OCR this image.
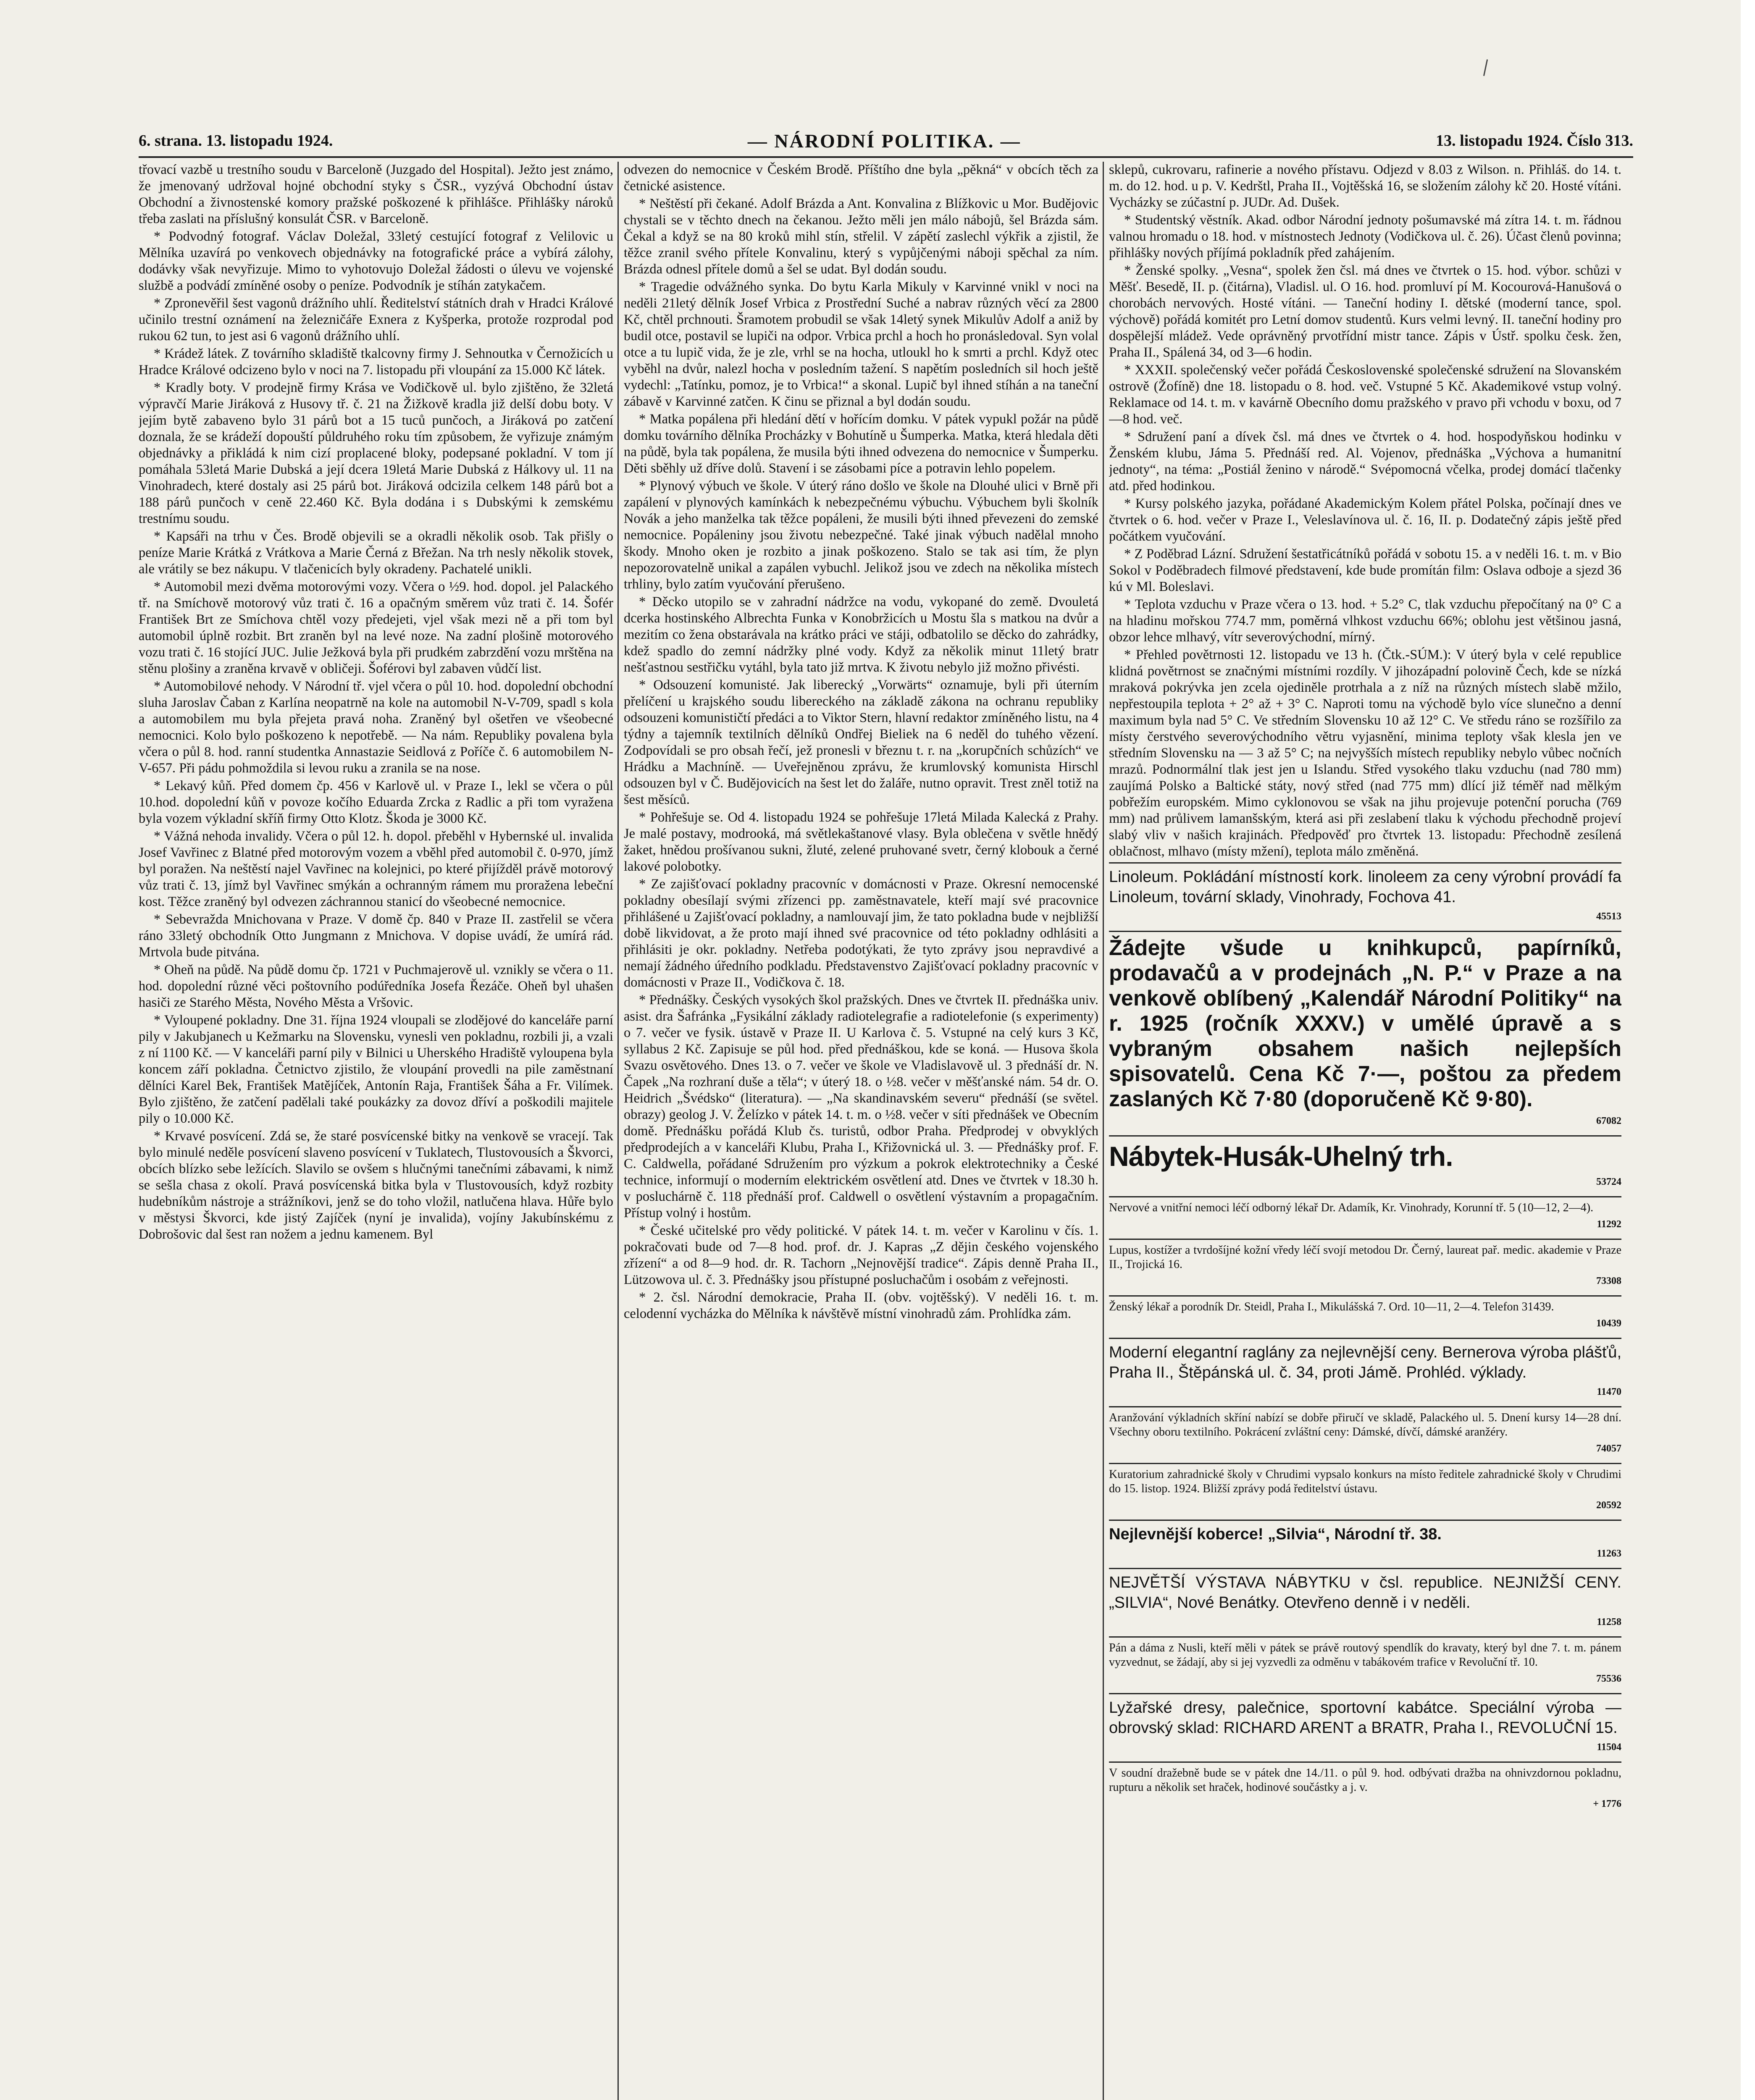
6. strana. 13. listopadu 1924.	— NÁRODNÍ POLITIKA. —	13. listopadu 1924. Číslo 313.

třovací vazbě u trestního soudu v Barceloně (Juzgado del Hospital). Ježto jest známo, že jmenovaný udržoval hojné obchodní styky s ČSR., vyzývá Obchodní ústav Obchodní a živnostenské komory pražské poškozené k přihlášce. Přihlášky nároků třeba zaslati na příslušný konsulát ČSR. v Barceloně.

* Podvodný fotograf. Václav Doležal, 33letý cestující fotograf z Velilovic u Mělníka uzavírá po venkovech objednávky na fotografické práce a vybírá zálohy, dodávky však nevyřizuje. Mimo to vyhotovujo Doležal žádosti o úlevu ve vojenské službě a podvádí zmíněné osoby o peníze. Podvodník je stíhán zatykačem.

* Zpronevěřil šest vagonů drážního uhlí. Ředitelství státních drah v Hradci Králové učinilo trestní oznámení na železničáře Exnera z Kyšperka, protože rozprodal pod rukou 62 tun, to jest asi 6 vagonů drážního uhlí.

* Krádež látek. Z továrního skladiště tkalcovny firmy J. Sehnoutka v Černožicích u Hradce Králové odcizeno bylo v noci na 7. listopadu při vloupání za 15.000 Kč látek.

* Kradly boty. V prodejně firmy Krása ve Vodičkově ul. bylo zjištěno, že 32letá výpravčí Marie Jiráková z Husovy tř. č. 21 na Žižkově kradla již delší dobu boty. V jejím bytě zabaveno bylo 31 párů bot a 15 tuců punčoch, a Jiráková po zatčení doznala, že se krádeží dopouští půldruhého roku tím způsobem, že vyřizuje známým objednávky a přikládá k nim cizí proplacené bloky, podepsané pokladní. V tom jí pomáhala 53letá Marie Dubská a její dcera 19letá Marie Dubská z Hálkovy ul. 11 na Vinohradech, které dostaly asi 25 párů bot. Jiráková odcizila celkem 148 párů bot a 188 párů punčoch v ceně 22.460 Kč. Byla dodána i s Dubskými k zemskému trestnímu soudu.

* Kapsáři na trhu v Čes. Brodě objevili se a okradli několik osob. Tak přišly o peníze Marie Krátká z Vrátkova a Marie Černá z Břežan. Na trh nesly několik stovek, ale vrátily se bez nákupu. V tlačenicích byly okradeny. Pachatelé unikli.

* Automobil mezi dvěma motorovými vozy. Včera o ½9. hod. dopol. jel Palackého tř. na Smíchově motorový vůz trati č. 16 a opačným směrem vůz trati č. 14. Šofér František Brt ze Smíchova chtěl vozy předejeti, vjel však mezi ně a při tom byl automobil úplně rozbit. Brt zraněn byl na levé noze. Na zadní plošině motorového vozu trati č. 16 stojící JUC. Julie Ježková byla při prudkém zabrzdění vozu mrštěna na stěnu plošiny a zraněna krvavě v obličeji. Šoférovi byl zabaven vůdčí list.

* Automobilové nehody. V Národní tř. vjel včera o půl 10. hod. dopolední obchodní sluha Jaroslav Čaban z Karlína neopatrně na kole na automobil N-V-709, spadl s kola a automobilem mu byla přejeta pravá noha. Zraněný byl ošetřen ve všeobecné nemocnici. Kolo bylo poškozeno k nepotřebě. — Na nám. Republiky povalena byla včera o půl 8. hod. ranní studentka Annastazie Seidlová z Poříče č. 6 automobilem N-V-657. Při pádu pohmoždila si levou ruku a zranila se na nose.

* Lekavý kůň. Před domem čp. 456 v Karlově ul. v Praze I., lekl se včera o půl 10.hod. dopolední kůň v povoze kočího Eduarda Zrcka z Radlic a při tom vyražena byla vozem výkladní skříň firmy Otto Klotz. Škoda je 3000 Kč.

* Vážná nehoda invalidy. Včera o půl 12. h. dopol. přeběhl v Hybernské ul. invalida Josef Vavřinec z Blatné před motorovým vozem a vběhl před automobil č. 0-970, jímž byl poražen. Na neštěstí najel Vavřinec na kolejnici, po které přijížděl právě motorový vůz trati č. 13, jímž byl Vavřinec smýkán a ochranným rámem mu proražena lebeční kost. Těžce zraněný byl odvezen záchrannou stanicí do všeobecné nemocnice.

* Sebevražda Mnichovana v Praze. V domě čp. 840 v Praze II. zastřelil se včera ráno 33letý obchodník Otto Jungmann z Mnichova. V dopise uvádí, že umírá rád. Mrtvola bude pitvána.

* Oheň na půdě. Na půdě domu čp. 1721 v Puchmajerově ul. vznikly se včera o 11. hod. dopolední různé věci poštovního podúředníka Josefa Řezáče. Oheň byl uhašen hasiči ze Starého Města, Nového Města a Vršovic.

* Vyloupené pokladny. Dne 31. října 1924 vloupali se zlodějové do kanceláře parní pily v Jakubjanech u Kežmarku na Slovensku, vynesli ven pokladnu, rozbili ji, a vzali z ní 1100 Kč. — V kanceláři parní pily v Bilnici u Uherského Hradiště vyloupena byla koncem září pokladna. Četnictvo zjistilo, že vloupání provedli na pile zaměstnaní dělníci Karel Bek, František Matějíček, Antonín Raja, František Šáha a Fr. Vilímek. Bylo zjištěno, že zatčení padělali také poukázky za dovoz dříví a poškodili majitele pily o 10.000 Kč.

* Krvavé posvícení. Zdá se, že staré posvícenské bitky na venkově se vracejí. Tak bylo minulé neděle posvícení slaveno posvícení v Tuklatech, Tlustovousích a Škvorci, obcích blízko sebe ležících. Slavilo se ovšem s hlučnými tanečními zábavami, k nimž se sešla chasa z okolí. Pravá posvícenská bitka byla v Tlustovousích, když rozbity hudebníkům nástroje a strážníkovi, jenž se do toho vložil, natlučena hlava. Hůře bylo v městysi Škvorci, kde jistý Zajíček (nyní je invalida), vojíny Jakubínskému z Dobrošovic dal šest ran nožem a jednu kamenem. Byl

odvezen do nemocnice v Českém Brodě. Příštího dne byla „pěkná“ v obcích těch za četnické asistence.

* Neštěstí při čekané. Adolf Brázda a Ant. Konvalina z Blížkovic u Mor. Budějovic chystali se v těchto dnech na čekanou. Ježto měli jen málo nábojů, šel Brázda sám. Čekal a když se na 80 kroků mihl stín, střelil. V zápětí zaslechl výkřik a zjistil, že těžce zranil svého přítele Konvalinu, který s vypůjčenými náboji spěchal za ním. Brázda odnesl přítele domů a šel se udat. Byl dodán soudu.

* Tragedie odvážného synka. Do bytu Karla Mikuly v Karvinné vnikl v noci na neděli 21letý dělník Josef Vrbica z Prostřední Suché a nabrav různých věcí za 2800 Kč, chtěl prchnouti. Šramotem probudil se však 14letý synek Mikulův Adolf a aniž by budil otce, postavil se lupiči na odpor. Vrbica prchl a hoch ho pronásledoval. Syn volal otce a tu lupič vida, že je zle, vrhl se na hocha, utloukl ho k smrti a prchl. Když otec vyběhl na dvůr, nalezl hocha v posledním tažení. S napětím posledních sil hoch ještě vydechl: „Tatínku, pomoz, je to Vrbica!“ a skonal. Lupič byl ihned stíhán a na taneční zábavě v Karvinné zatčen. K činu se přiznal a byl dodán soudu.

* Matka popálena při hledání dětí v hořícím domku. V pátek vypukl požár na půdě domku továrního dělníka Procházky v Bohutíně u Šumperka. Matka, která hledala děti na půdě, byla tak popálena, že musila býti ihned odvezena do nemocnice v Šumperku. Děti sběhly už dříve dolů. Stavení i se zásobami píce a potravin lehlo popelem.

* Plynový výbuch ve škole. V úterý ráno došlo ve škole na Dlouhé ulici v Brně při zapálení v plynových kamínkách k nebezpečnému výbuchu. Výbuchem byli školník Novák a jeho manželka tak těžce popáleni, že musili býti ihned převezeni do zemské nemocnice. Popáleniny jsou životu nebezpečné. Také jinak výbuch nadělal mnoho škody. Mnoho oken je rozbito a jinak poškozeno. Stalo se tak asi tím, že plyn nepozorovatelně unikal a zapálen vybuchl. Jelikož jsou ve zdech na několika místech trhliny, bylo zatím vyučování přerušeno.

* Děcko utopilo se v zahradní nádržce na vodu, vykopané do země. Dvouletá dcerka hostinského Albrechta Funka v Konobržicích u Mostu šla s matkou na dvůr a mezitím co žena obstarávala na krátko práci ve stáji, odbatolilo se děcko do zahrádky, kdež spadlo do zemní nádržky plné vody. Když za několik minut 11letý bratr nešťastnou sestřičku vytáhl, byla tato již mrtva. K životu nebylo již možno přivésti.

* Odsouzení komunisté. Jak liberecký „Vorwärts“ oznamuje, byli při úterním přelíčení u krajského soudu libereckého na základě zákona na ochranu republiky odsouzeni komunističtí předáci a to Viktor Stern, hlavní redaktor zmíněného listu, na 4 týdny a tajemník textilních dělníků Ondřej Bieliek na 6 neděl do tuhého vězení. Zodpovídali se pro obsah řečí, jež pronesli v březnu t. r. na „korupčních schůzích“ ve Hrádku a Machníně. — Uveřejněnou zprávu, že krumlovský komunista Hirschl odsouzen byl v Č. Budějovicích na šest let do žaláře, nutno opravit. Trest zněl totiž na šest měsíců.

* Pohřešuje se. Od 4. listopadu 1924 se pohřešuje 17letá Milada Kalecká z Prahy. Je malé postavy, modrooká, má světlekaštanové vlasy. Byla oblečena v světle hnědý žaket, hnědou prošívanou sukni, žluté, zelené pruhované svetr, černý klobouk a černé lakové polobotky.

* Ze zajišťovací pokladny pracovníc v domácnosti v Praze. Okresní nemocenské pokladny obesílají svými zřízenci pp. zaměstnavatele, kteří mají své pracovnice přihlášené u Zajišťovací pokladny, a namlouvají jim, že tato pokladna bude v nejbližší době likvidovat, a že proto mají ihned své pracovnice od této pokladny odhlásiti a přihlásiti je okr. pokladny. Netřeba podotýkati, že tyto zprávy jsou nepravdivé a nemají žádného úředního podkladu. Představenstvo Zajišťovací pokladny pracovníc v domácnosti v Praze II., Vodičkova č. 18.

* Přednášky. Českých vysokých škol pražských. Dnes ve čtvrtek II. přednáška univ. asist. dra Šafránka „Fysikální základy radiotelegrafie a radiotelefonie (s experimenty) o 7. večer ve fysik. ústavě v Praze II. U Karlova č. 5. Vstupné na celý kurs 3 Kč, syllabus 2 Kč. Zapisuje se půl hod. před přednáškou, kde se koná. — Husova škola Svazu osvětového. Dnes 13. o 7. večer ve škole ve Vladislavově ul. 3 přednáší dr. N. Čapek „Na rozhraní duše a těla“; v úterý 18. o ½8. večer v měšťanské nám. 54 dr. O. Heidrich „Švédsko“ (literatura). — „Na skandinavském severu“ přednáší (se světel. obrazy) geolog J. V. Želízko v pátek 14. t. m. o ½8. večer v síti přednášek ve Obecním domě. Přednášku pořádá Klub čs. turistů, odbor Praha. Předprodej v obvyklých předprodejích a v kanceláři Klubu, Praha I., Křižovnická ul. 3. — Přednášky prof. F. C. Caldwella, pořádané Sdružením pro výzkum a pokrok elektrotechniky a České technice, informují o moderním elektrickém osvětlení atd. Dnes ve čtvrtek v 18.30 h. v posluchárně č. 118 přednáší prof. Caldwell o osvětlení výstavním a propagačním. Přístup volný i hostům.

* České učitelské pro vědy politické. V pátek 14. t. m. večer v Karolinu v čís. 1. pokračovati bude od 7—8 hod. prof. dr. J. Kapras „Z dějin českého vojenského zřízení“ a od 8—9 hod. dr. R. Tachorn „Nejnovější tradice“. Zápis denně Praha II., Lützowova ul. č. 3. Přednášky jsou přístupné posluchačům i osobám z veřejnosti.

* 2. čsl. Národní demokracie, Praha II. (obv. vojtěšský). V neděli 16. t. m. celodenní vycházka do Mělníka k návštěvě místní vinohradů zám. Prohlídka zám.

sklepů, cukrovaru, rafinerie a nového přístavu. Odjezd v 8.03 z Wilson. n. Přihláš. do 14. t. m. do 12. hod. u p. V. Kedrštl, Praha II., Vojtěšská 16, se složením zálohy kč 20. Hosté vítáni. Vycházky se zúčastní p. JUDr. Ad. Dušek.

* Studentský věstník. Akad. odbor Národní jednoty pošumavské má zítra 14. t. m. řádnou valnou hromadu o 18. hod. v místnostech Jednoty (Vodičkova ul. č. 26). Účast členů povinna; přihlášky nových příjímá pokladník před zahájením.

* Ženské spolky. „Vesna“, spolek žen čsl. má dnes ve čtvrtek o 15. hod. výbor. schůzi v Měšť. Besedě, II. p. (čitárna), Vladisl. ul. O 16. hod. promluví pí M. Kocourová-Hanušová o chorobách nervových. Hosté vítáni. — Taneční hodiny I. dětské (moderní tance, spol. výchově) pořádá komitét pro Letní domov studentů. Kurs velmi levný. II. taneční hodiny pro dospělejší mládež. Vede oprávněný prvotřídní mistr tance. Zápis v Ústř. spolku česk. žen, Praha II., Spálená 34, od 3—6 hodin.

* XXXII. společenský večer pořádá Československé společenské sdružení na Slovanském ostrově (Žofíně) dne 18. listopadu o 8. hod. več. Vstupné 5 Kč. Akademikové vstup volný. Reklamace od 14. t. m. v kavárně Obecního domu pražského v pravo při vchodu v boxu, od 7—8 hod. več.

* Sdružení paní a dívek čsl. má dnes ve čtvrtek o 4. hod. hospodyňskou hodinku v Ženském klubu, Jáma 5. Přednáší red. Al. Vojenov, přednáška „Výchova a humanitní jednoty“, na téma: „Postiál ženino v národě.“ Svépomocná včelka, prodej domácí tlačenky atd. před hodinkou.

* Kursy polského jazyka, pořádané Akademickým Kolem přátel Polska, počínají dnes ve čtvrtek o 6. hod. večer v Praze I., Veleslavínova ul. č. 16, II. p. Dodatečný zápis ještě před počátkem vyučování.

* Z Poděbrad Lázní. Sdružení šestatřicátníků pořádá v sobotu 15. a v neděli 16. t. m. v Bio Sokol v Poděbradech filmové představení, kde bude promítán film: Oslava odboje a sjezd 36 kú v Ml. Boleslavi.

* Teplota vzduchu v Praze včera o 13. hod. + 5.2° C, tlak vzduchu přepočítaný na 0° C a na hladinu mořskou 774.7 mm, poměrná vlhkost vzduchu 66%; oblohu jest většinou jasná, obzor lehce mlhavý, vítr severovýchodní, mírný.

* Přehled povětrnosti 12. listopadu ve 13 h. (Čtk.-SÚM.): V úterý byla v celé republice klidná povětrnost se značnými místními rozdíly. V jihozápadní polovině Čech, kde se nízká mraková pokrývka jen zcela ojediněle protrhala a z níž na různých místech slabě mžilo, nepřestoupila teplota + 2° až + 3° C. Naproti tomu na východě bylo více slunečno a denní maximum byla nad 5° C. Ve středním Slovensku 10 až 12° C. Ve středu ráno se rozšířilo za místy čerstvého severovýchodního větru vyjasnění, minima teploty však klesla jen ve středním Slovensku na — 3 až 5° C; na nejvyšších místech republiky nebylo vůbec nočních mrazů. Podnormální tlak jest jen u Islandu. Střed vysokého tlaku vzduchu (nad 780 mm) zaujímá Polsko a Baltické státy, nový střed (nad 775 mm) dlící již téměř nad mělkým pobřežím europském. Mimo cyklonovou se však na jihu projevuje potenční porucha (769 mm) nad průlivem lamanšským, která asi při zeslabení tlaku k východu přechodně projeví slabý vliv v našich krajinách. Předpověď pro čtvrtek 13. listopadu: Přechodně zesílená oblačnost, mlhavo (místy mžení), teplota málo změněná.

Linoleum. Pokládání místností kork. linoleem za ceny výrobní provádí fa Linoleum, tovární sklady, Vinohrady, Fochova 41.

45513

Žádejte všude u knihkupců, papírníků, prodavačů a v prodejnách „N. P.“ v Praze a na venkově oblíbený „Kalendář Národní Politiky“ na r. 1925 (ročník XXXV.) v umělé úpravě a s vybraným obsahem našich nejlepších spisovatelů. Cena Kč 7·—, poštou za předem zaslaných Kč 7·80 (doporučeně Kč 9·80).

67082

Nábytek-Husák-Uhelný trh.

53724

Nervové a vnitřní nemoci léčí odborný lékař Dr. Adamík, Kr. Vinohrady, Korunní tř. 5 (10—12, 2—4).

11292

Lupus, kostížer a tvrdošíjné kožní vředy léčí svojí metodou Dr. Černý, laureat pař. medic. akademie v Praze II., Trojická 16.

73308

Ženský lékař a porodník Dr. Steidl, Praha I., Mikulášská 7. Ord. 10—11, 2—4. Telefon 31439.

10439

Moderní elegantní raglány za nejlevnější ceny. Bernerova výroba plášťů, Praha II., Štěpánská ul. č. 34, proti Jámě. Prohléd. výklady.

11470

Aranžování výkladních skříní nabízí se dobře přiručí ve skladě, Palackého ul. 5. Dnení kursy 14—28 dní. Všechny oboru textilního. Pokrácení zvláštní ceny: Dámské, dívčí, dámské aranžéry.

74057

Kuratorium zahradnické školy v Chrudimi vypsalo konkurs na místo ředitele zahradnické školy v Chrudimi do 15. listop. 1924. Bližší zprávy podá ředitelství ústavu.

20592

Nejlevnější koberce! „Silvia“, Národní tř. 38.

11263

NEJVĚTŠÍ VÝSTAVA NÁBYTKU v čsl. republice. NEJNIŽŠÍ CENY. „SILVIA“, Nové Benátky. Otevřeno denně i v neděli.

11258

Pán a dáma z Nusli, kteří měli v pátek se právě routový spendlík do kravaty, který byl dne 7. t. m. pánem vyzvednut, se žádají, aby si jej vyzvedli za odměnu v tabákovém trafice v Revoluční tř. 10.

75536

Lyžařské dresy, palečnice, sportovní kabátce. Speciální výroba — obrovský sklad: RICHARD ARENT a BRATR, Praha I., REVOLUČNÍ 15.

11504

V soudní dražebně bude se v pátek dne 14./11. o půl 9. hod. odbývati dražba na ohnivzdornou pokladnu, rupturu a několik set hraček, hodinové součástky a j. v.

+ 1776
